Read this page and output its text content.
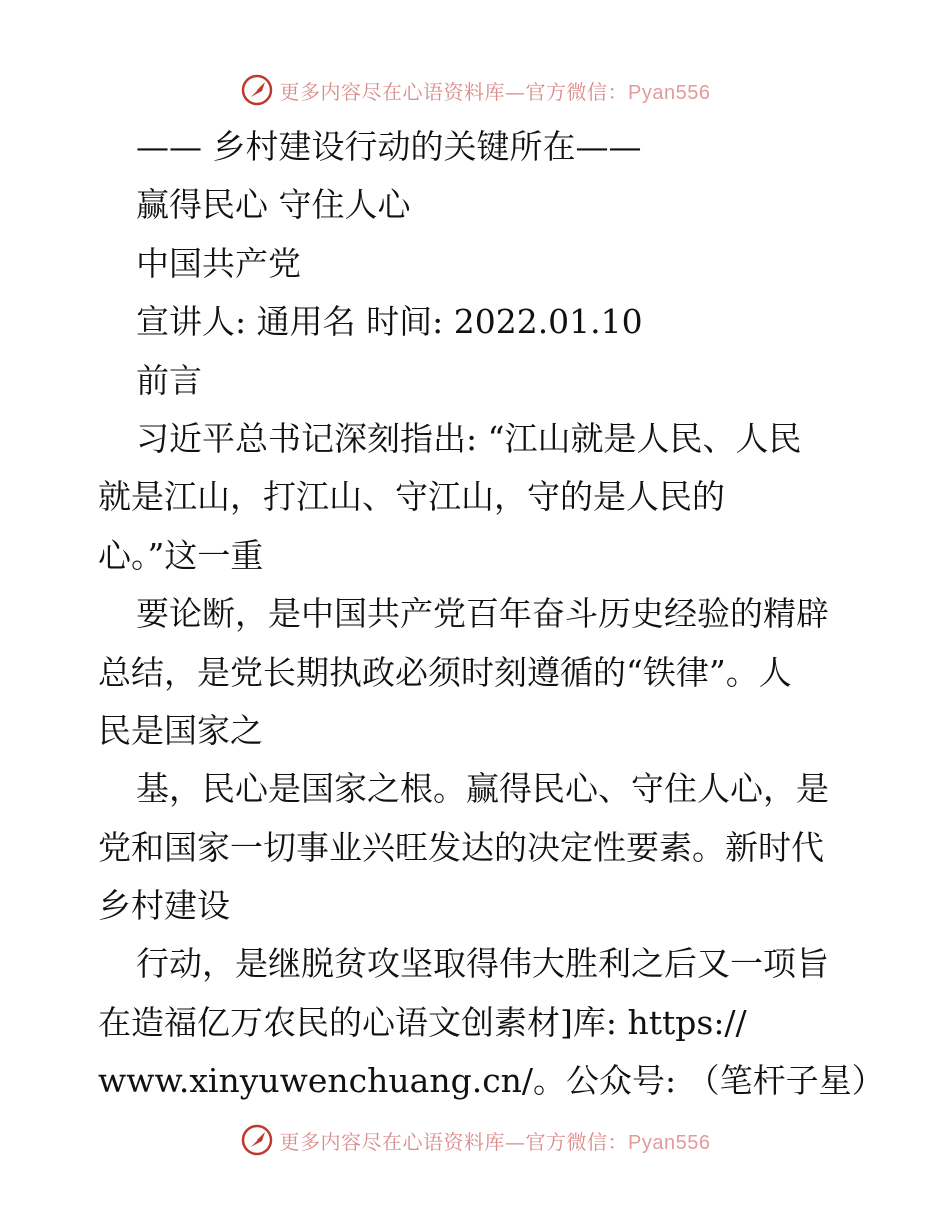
更多内容尽在心语资料库—官方微信：Pyan556
—— 乡村建设行动的关键所在——
赢得民心 守住人心
中国共产党
宣讲人: 通用名 时间: 2022.01.10
前言
习近平总书记深刻指出: “江山就是人民、人民
就是江山，打江山、守江山，守的是人民的
心。”这一重
要论断，是中国共产党百年奋斗历史经验的精辟
总结，是党长期执政必须时刻遵循的“铁律”。人
民是国家之
基，民心是国家之根。赢得民心、守住人心，是
党和国家一切事业兴旺发达的决定性要素。新时代
乡村建设
行动，是继脱贫攻坚取得伟大胜利之后又一项旨
在造福亿万农民的心语文创素材]库: https://
www.xinyuwenchuang.cn/。公众号: （笔杆子星）
更多内容尽在心语资料库—官方微信：Pyan556
